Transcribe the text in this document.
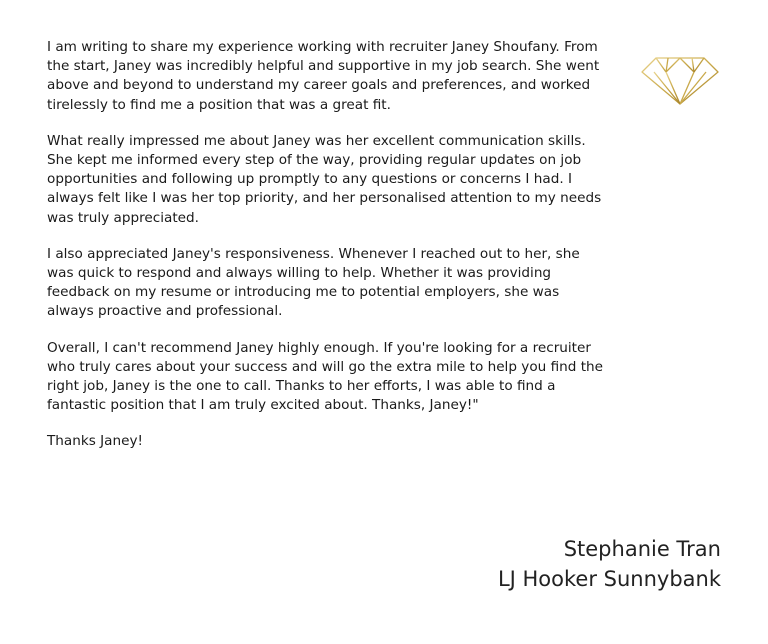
I am writing to share my experience working with recruiter Janey Shoufany. From the start, Janey was incredibly helpful and supportive in my job search. She went above and beyond to understand my career goals and preferences, and worked tirelessly to find me a position that was a great fit.

What really impressed me about Janey was her excellent communication skills. She kept me informed every step of the way, providing regular updates on job opportunities and following up promptly to any questions or concerns I had. I always felt like I was her top priority, and her personalised attention to my needs was truly appreciated.

I also appreciated Janey's responsiveness. Whenever I reached out to her, she was quick to respond and always willing to help. Whether it was providing feedback on my resume or introducing me to potential employers, she was always proactive and professional.

Overall, I can't recommend Janey highly enough. If you're looking for a recruiter who truly cares about your success and will go the extra mile to help you find the right job, Janey is the one to call. Thanks to her efforts, I was able to find a fantastic position that I am truly excited about. Thanks, Janey!"

Thanks Janey!

Stephanie Tran
LJ Hooker Sunnybank
